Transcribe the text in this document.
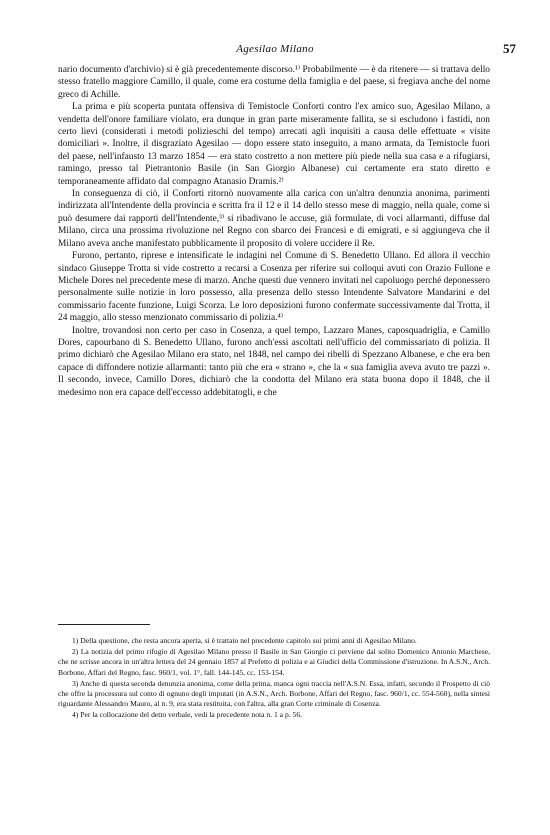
Agesilao Milano	57

nario documento d'archivio) si è già precedentemente discorso.¹⁾ Probabilmente — è da ritenere — si trattava dello stesso fratello maggiore Camillo, il quale, come era costume della famiglia e del paese, si fregiava anche del nome greco di Achille.

La prima e più scoperta puntata offensiva di Temistocle Conforti contro l'ex amico suo, Agesilao Milano, a vendetta dell'onore familiare violato, era dunque in gran parte miseramente fallita, se si escludono i fastidi, non certo lievi (considerati i metodi polizieschi del tempo) arrecati agli inquisiti a causa delle effettuate « visite domiciliari ». Inoltre, il disgraziato Agesilao — dopo essere stato inseguito, a mano armata, da Temistocle fuori del paese, nell'infausto 13 marzo 1854 — era stato costretto a non mettere più piede nella sua casa e a rifugiarsi, ramingo, presso tal Pietrantonio Basile (in San Giorgio Albanese) cui certamente era stato diretto e temporaneamente affidato dal compagno Atanasio Dramis.²⁾

In conseguenza di ciò, il Conforti ritornò nuovamente alla carica con un'altra denunzia anonima, parimenti indirizzata all'Intendente della provincia e scritta fra il 12 e il 14 dello stesso mese di maggio, nella quale, come si può desumere dai rapporti dell'Intendente,³⁾ si ribadivano le accuse, già formulate, di voci allarmanti, diffuse dal Milano, circa una prossima rivoluzione nel Regno con sbarco dei Francesi e di emigrati, e si aggiungeva che il Milano aveva anche manifestato pubblicamente il proposito di volere uccidere il Re.

Furono, pertanto, riprese e intensificate le indagini nel Comune di S. Benedetto Ullano. Ed allora il vecchio sindaco Giuseppe Trotta si vide costretto a recarsi a Cosenza per riferire sui colloqui avuti con Orazio Fullone e Michele Dores nel precedente mese di marzo. Anche questi due vennero invitati nel capoluogo perché deponessero personalmente sulle notizie in loro possesso, alla presenza dello stesso Intendente Salvatore Mandarini e del commissario facente funzione, Luigi Scorza. Le loro deposizioni furono confermate successivamente dal Trotta, il 24 maggio, allo stesso menzionato commissario di polizia.⁴⁾

Inoltre, trovandosi non certo per caso in Cosenza, a quel tempo, Lazzaro Manes, caposquadriglia, e Camillo Dores, capourbano di S. Benedetto Ullano, furono anch'essi ascoltati nell'ufficio del commissariato di polizia. Il primo dichiarò che Agesilao Milano era stato, nel 1848, nel campo dei ribelli di Spezzano Albanese, e che era ben capace di diffondere notizie allarmanti: tanto più che era « strano », che la « sua famiglia aveva avuto tre pazzi ». Il secondo, invece, Camillo Dores, dichiarò che la condotta del Milano era stata buona dopo il 1848, che il medesimo non era capace dell'eccesso addebitatogli, e che

1) Della questione, che resta ancora aperta, si è trattato nel precedente capitolo sui primi anni di Agesilao Milano.

2) La notizia del primo rifugio di Agesilao Milano presso il Basile in San Giorgio ci perviene dal solito Domenico Antonio Marchese, che ne scrisse ancora in un'altra lettera del 24 gennaio 1857 al Prefetto di polizia e ai Giudici della Commissione d'istruzione. In A.S.N., Arch. Borbone, Affari del Regno, fasc. 960/1, vol. 1°, fall. 144-145, cc. 153-154.

3) Anche di questa seconda denunzia anonima, come della prima, manca ogni traccia nell'A.S.N. Essa, infatti, secondo il Prospetto di ciò che offre la processura sul conto di ognuno degli imputati (in A.S.N., Arch. Borbone, Affari del Regno, fasc. 960/1, cc. 554-560), nella sintesi riguardante Alessandro Mauro, al n. 9, era stata restituita, con l'altra, alla gran Corte criminale di Cosenza.

4) Per la collocazione del detto verbale, vedi la precedente nota n. 1 a p. 56.
